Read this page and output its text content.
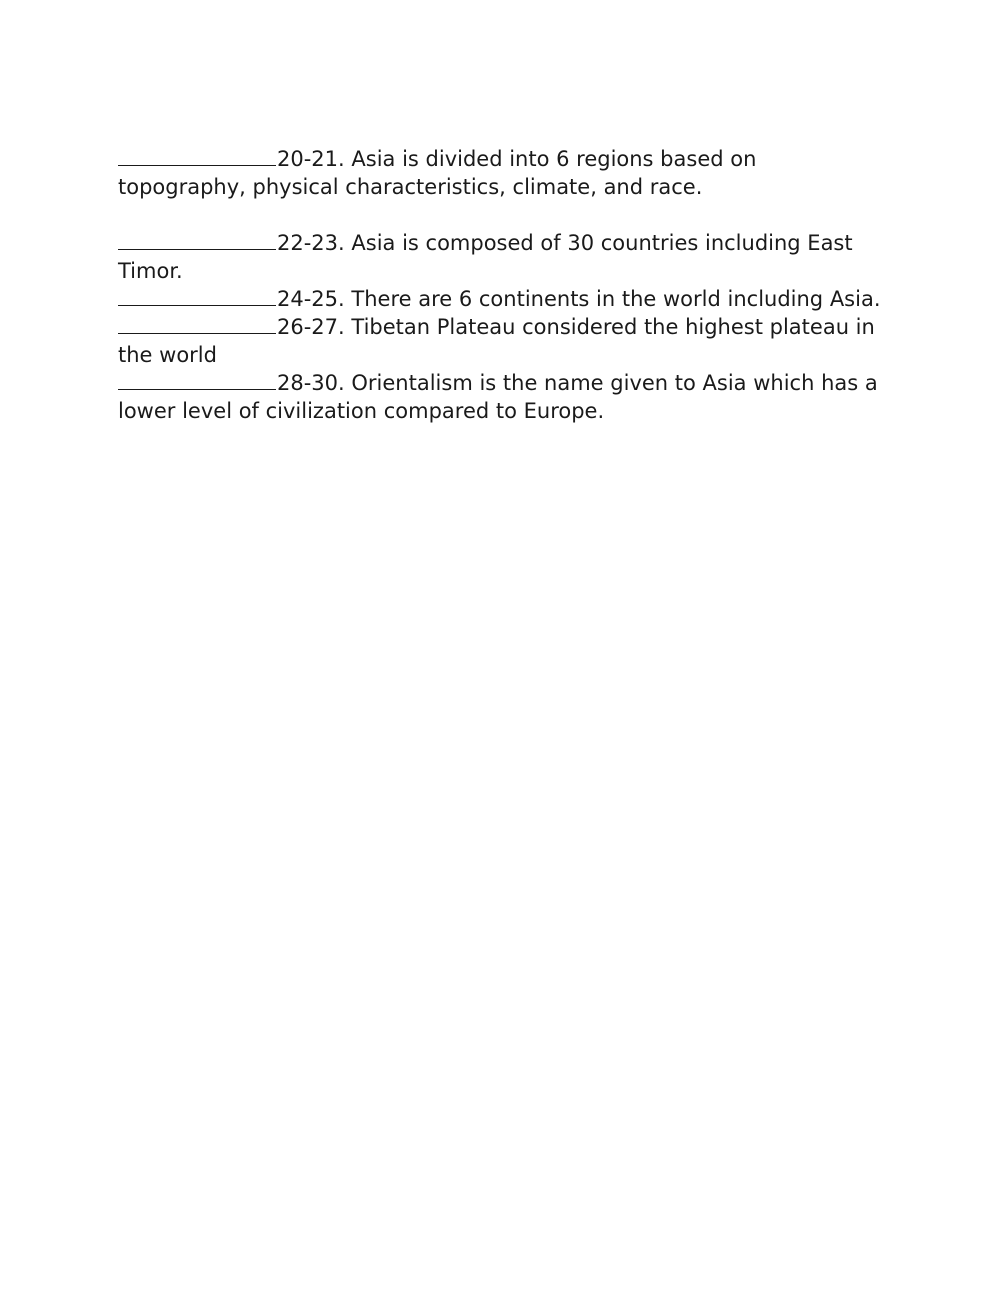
20-21. Asia is divided into 6 regions based on topography, physical characteristics, climate, and race.

22-23. Asia is composed of 30 countries including East Timor.

24-25. There are 6 continents in the world including Asia.

26-27. Tibetan Plateau considered the highest plateau in the world

28-30. Orientalism is the name given to Asia which has a lower level of civilization compared to Europe.
